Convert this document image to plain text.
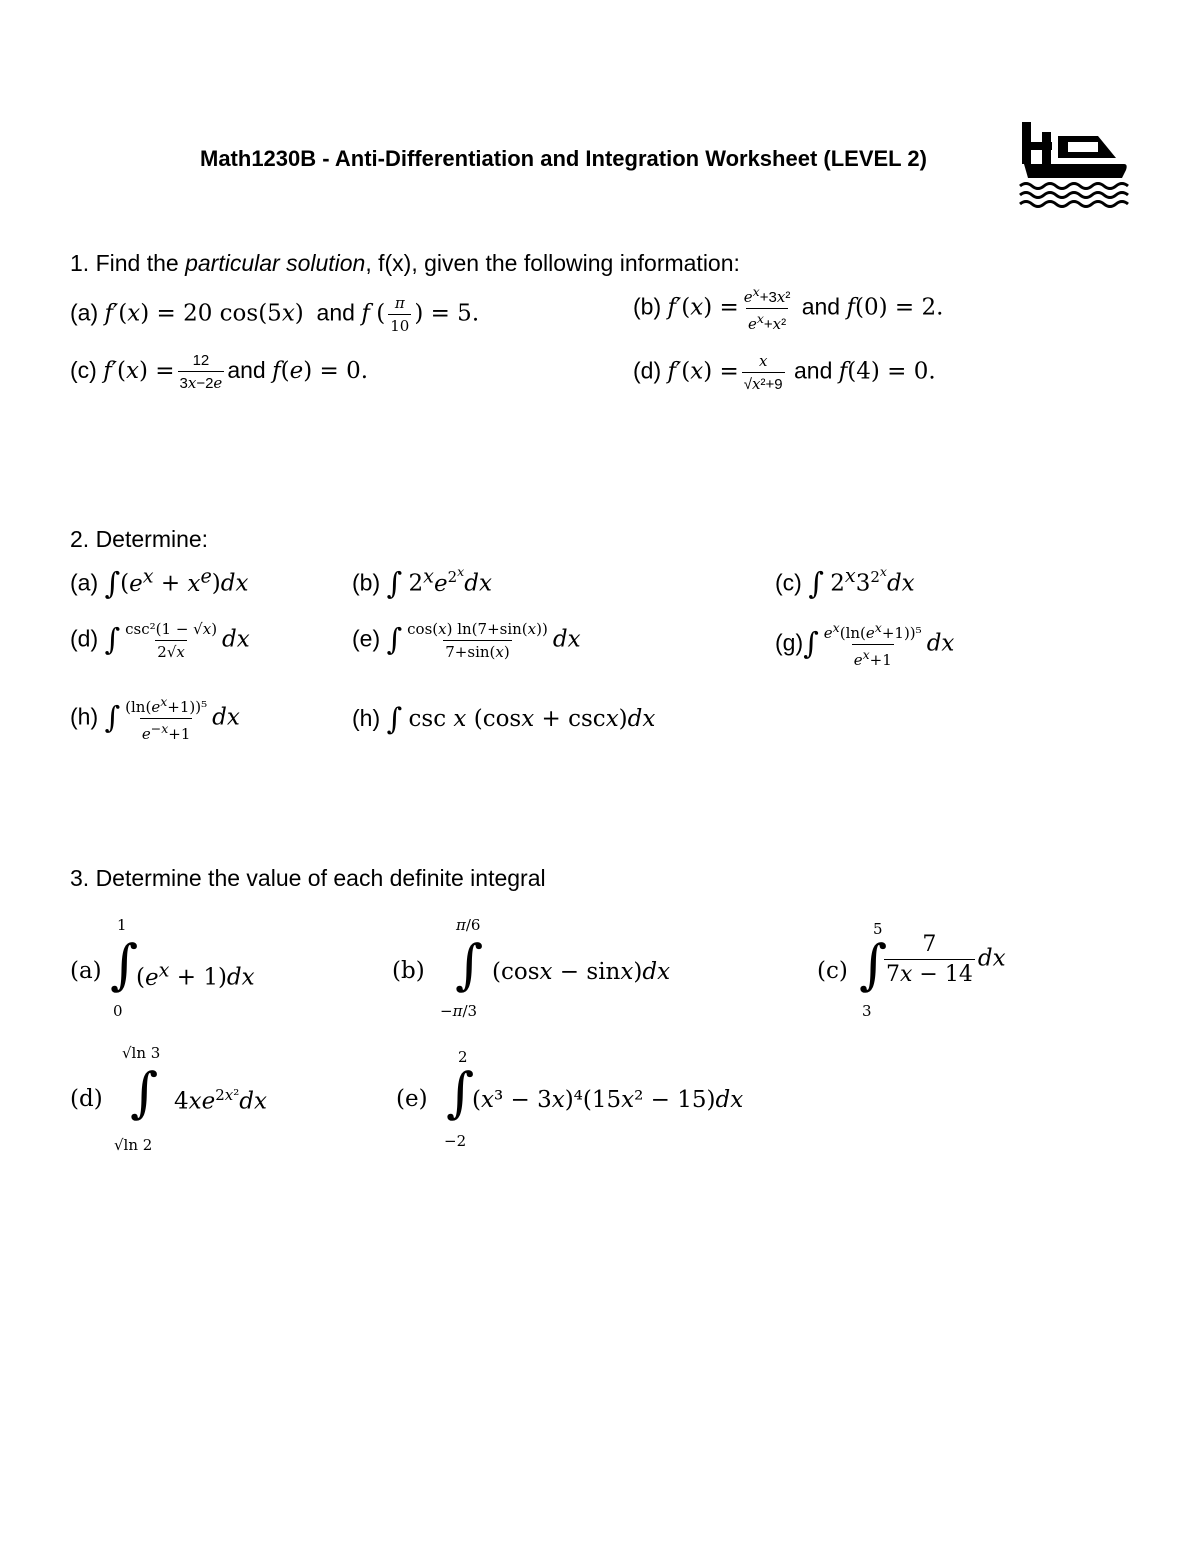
Math1230B - Anti-Differentiation and Integration Worksheet (LEVEL 2)
1. Find the particular solution, f(x), given the following information:
(a) f′(x) = 20 cos(5x)  and f ( $\frac{\pi}{10}$ ) = 5.	(b) $f'(x) = \frac{e^x+3x^2}{e^x+x^2}$ and f(0) = 2.
(c) $f'(x) = \frac{12}{3x-2e}$ and f(e) = 0.	(d) $f'(x) = \frac{x}{\text{√x²+9}}$ and f(4) = 0.
2. Determine:
(a) $\int(e^x + x^e)dx$	(b) ∫ $2^xe^{2^x}dx$	(c) ∫ $2^x3^{2^x}dx$
(d) ∫ $\frac{\text{csc²(1 − √x)}}{2√x}$ dx	(e) ∫ $\frac{\cos(x) \ln(7+\sin(x))}{7+\sin(x)}$ dx	$(g)\int \frac{e^x(\ln(e^x+1))^5}{e^x+1}$ dx
(h) ∫ $\frac{(\ln(e^x+1))^5}{e^{-x}+1}$ dx	(h) ∫ csc x (cosx + cscx)dx
3. Determine the value of each definite integral
1
(a) ∫
0
$(e^x + 1)dx$
π/6
(b) ∫
−π/3
(cosx − sinx)dx
5
(c) ∫
3
$\frac{7}{7x - 14}$ dx
√ln 3
(d) ∫
√ln 2
$4xe^{2x^2}dx$
2
(e) ∫
−2
(x³ − 3x)⁴(15x² − 15)dx
